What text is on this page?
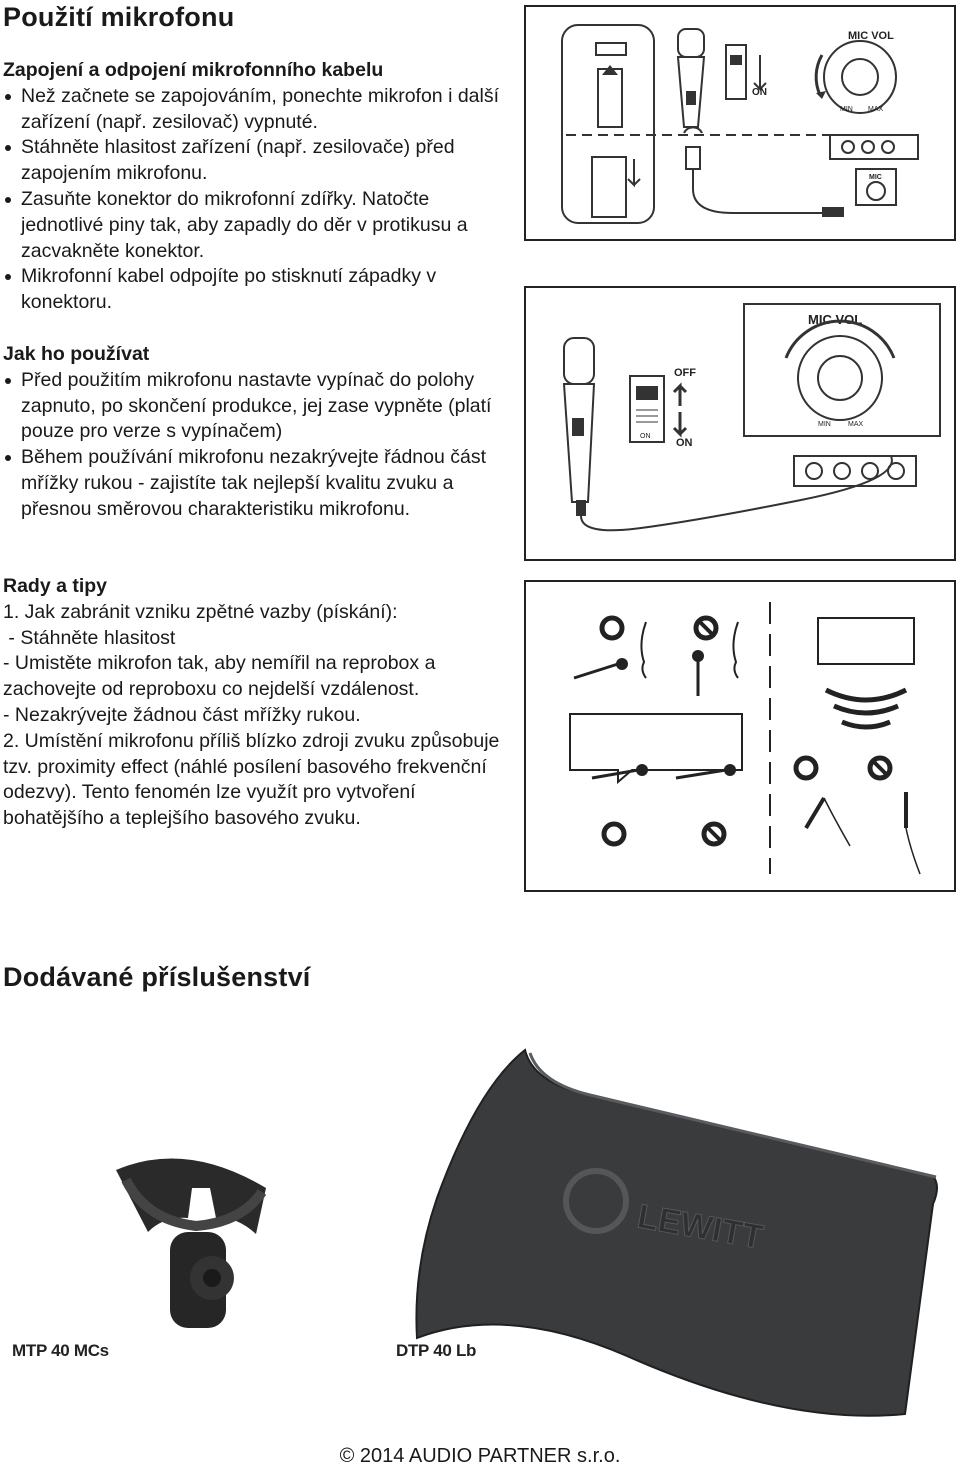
Použití mikrofonu
Zapojení a odpojení mikrofonního kabelu
Než začnete se zapojováním, ponechte mikrofon i další zařízení (např. zesilovač) vypnuté.
Stáhněte hlasitost zařízení (např. zesilovače) před zapojením mikrofonu.
Zasuňte konektor do mikrofonní zdířky. Natočte jednotlivé piny tak, aby zapadly do děr v protikusu a zacvakněte konektor.
Mikrofonní kabel odpojíte po stisknutí západky v konektoru.
Jak ho používat
Před použitím mikrofonu nastavte vypínač do polohy zapnuto, po skončení produkce, jej zase vypněte (platí pouze pro verze s vypínačem)
Během používání mikrofonu nezakrývejte řádnou část mřížky rukou - zajistíte tak nejlepší kvalitu zvuku a přesnou směrovou charakteristiku mikrofonu.
Rady a tipy

1. Jak zabránit vzniku zpětné vazby (pískání):

- Stáhněte hlasitost

- Umistěte mikrofon tak, aby nemířil na reprobox a zachovejte od reproboxu co nejdelší vzdálenost.

- Nezakrývejte žádnou část mřížky rukou.

2. Umístění mikrofonu příliš blízko zdroji zvuku způsobuje tzv. proximity effect (náhlé posílení basového frekvenční odezvy). Tento fenomén lze využít pro vytvoření bohatějšího a teplejšího basového zvuku.

ON
MIC VOL
MIN MAX
MIC
ON
OFF
ON
MIC VOL
MIN MAX
Dodávané příslušenství
LEWITT
MTP 40 MCs	DTP 40 Lb
© 2014 AUDIO PARTNER s.r.o.
